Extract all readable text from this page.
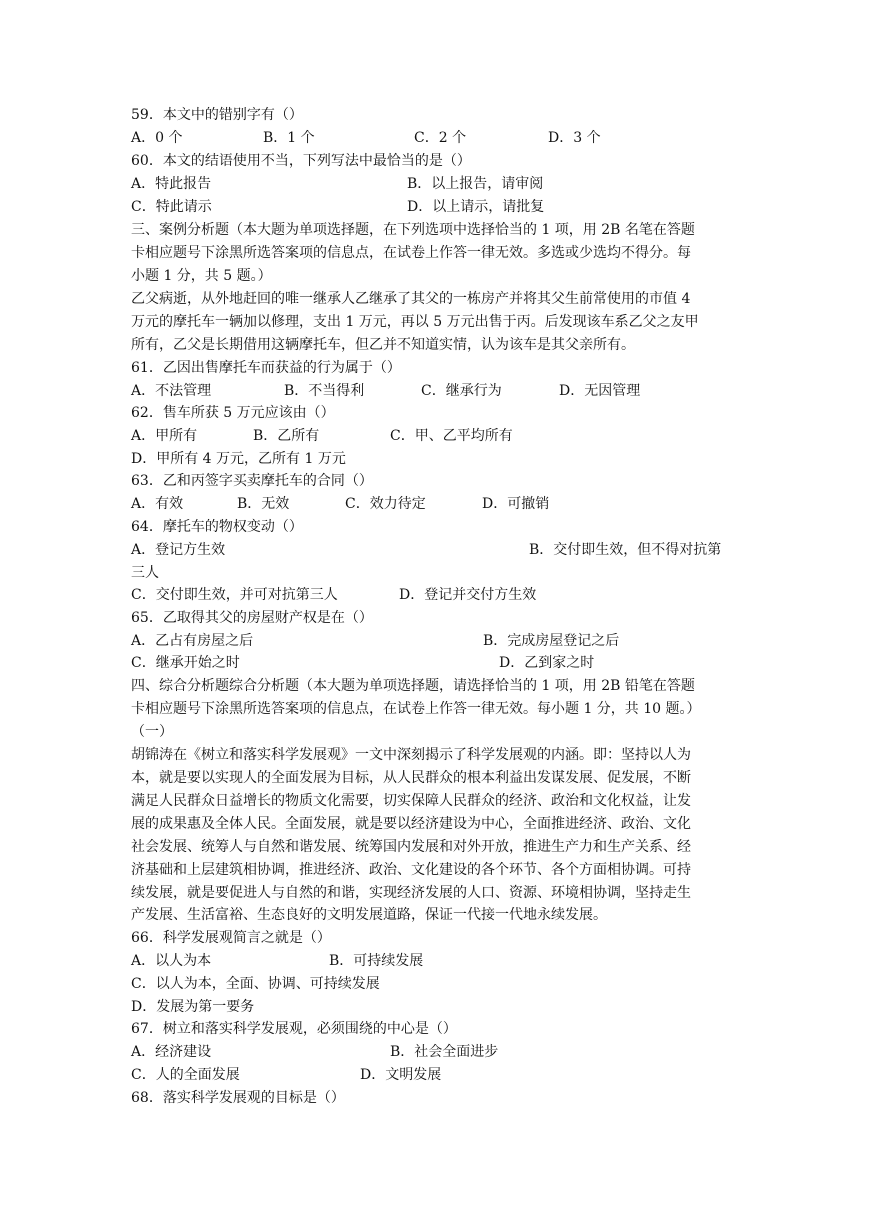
59．本文中的错别字有（）
A．0 个	B．1 个	C．2 个	D．3 个
60．本文的结语使用不当，下列写法中最恰当的是（）
A．特此报告	B．以上报告，请审阅
C．特此请示	D．以上请示，请批复
三、案例分析题（本大题为单项选择题，在下列选项中选择恰当的 1 项，用 2B 名笔在答题
卡相应题号下涂黑所选答案项的信息点，在试卷上作答一律无效。多选或少选均不得分。每
小题 1 分，共 5 题。）
乙父病逝，从外地赶回的唯一继承人乙继承了其父的一栋房产并将其父生前常使用的市值 4
万元的摩托车一辆加以修理，支出 1 万元，再以 5 万元出售于丙。后发现该车系乙父之友甲
所有，乙父是长期借用这辆摩托车，但乙并不知道实情，认为该车是其父亲所有。
61．乙因出售摩托车而获益的行为属于（）
A．不法管理	B．不当得利	C．继承行为	D．无因管理
62．售车所获 5 万元应该由（）
A．甲所有	B．乙所有	C．甲、乙平均所有
D．甲所有 4 万元，乙所有 1 万元
63．乙和丙签字买卖摩托车的合同（）
A．有效	B．无效	C．效力待定	D．可撤销
64．摩托车的物权变动（）
A．登记方生效	B．交付即生效，但不得对抗第
三人
C．交付即生效，并可对抗第三人	D．登记并交付方生效
65．乙取得其父的房屋财产权是在（）
A．乙占有房屋之后	B．完成房屋登记之后
C．继承开始之时	D．乙到家之时
四、综合分析题综合分析题（本大题为单项选择题，请选择恰当的 1 项，用 2B 铅笔在答题
卡相应题号下涂黑所选答案项的信息点，在试卷上作答一律无效。每小题 1 分，共 10 题。）
（一）
胡锦涛在《树立和落实科学发展观》一文中深刻揭示了科学发展观的内涵。即：坚持以人为
本，就是要以实现人的全面发展为目标，从人民群众的根本利益出发谋发展、促发展，不断
满足人民群众日益增长的物质文化需要，切实保障人民群众的经济、政治和文化权益，让发
展的成果惠及全体人民。全面发展，就是要以经济建设为中心，全面推进经济、政治、文化
社会发展、统筹人与自然和谐发展、统筹国内发展和对外开放，推进生产力和生产关系、经
济基础和上层建筑相协调，推进经济、政治、文化建设的各个环节、各个方面相协调。可持
续发展，就是要促进人与自然的和谐，实现经济发展的人口、资源、环境相协调，坚持走生
产发展、生活富裕、生态良好的文明发展道路，保证一代接一代地永续发展。
66．科学发展观简言之就是（）
A．以人为本	B．可持续发展
C．以人为本，全面、协调、可持续发展
D．发展为第一要务
67．树立和落实科学发展观，必须围绕的中心是（）
A．经济建设	B．社会全面进步
C．人的全面发展	D．文明发展
68．落实科学发展观的目标是（）
